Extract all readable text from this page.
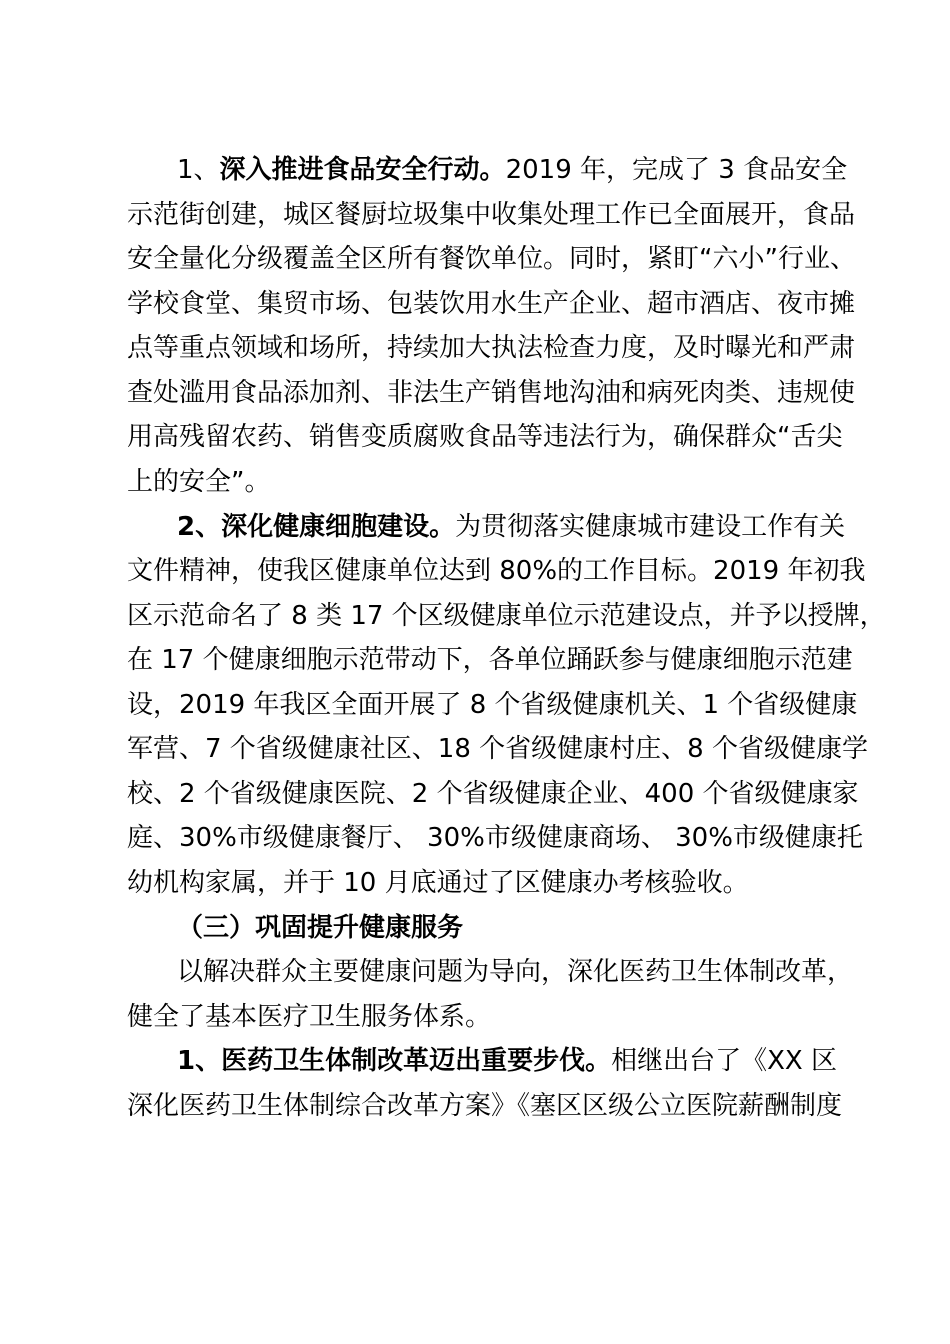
1、深入推进食品安全行动。2019 年，完成了 3 食品安全
示范街创建，城区餐厨垃圾集中收集处理工作已全面展开，食品
安全量化分级覆盖全区所有餐饮单位。同时，紧盯“六小”行业、
学校食堂、集贸市场、包装饮用水生产企业、超市酒店、夜市摊
点等重点领域和场所，持续加大执法检查力度，及时曝光和严肃
查处滥用食品添加剂、非法生产销售地沟油和病死肉类、违规使
用高残留农药、销售变质腐败食品等违法行为，确保群众“舌尖
上的安全”。
2、深化健康细胞建设。为贯彻落实健康城市建设工作有关
文件精神，使我区健康单位达到 80%的工作目标。2019 年初我
区示范命名了 8 类 17 个区级健康单位示范建设点，并予以授牌，
在 17 个健康细胞示范带动下，各单位踊跃参与健康细胞示范建
设，2019 年我区全面开展了 8 个省级健康机关、1 个省级健康
军营、7 个省级健康社区、18 个省级健康村庄、8 个省级健康学
校、2 个省级健康医院、2 个省级健康企业、400 个省级健康家
庭、30%市级健康餐厅、 30%市级健康商场、 30%市级健康托
幼机构家属，并于 10 月底通过了区健康办考核验收。
（三）巩固提升健康服务
以解决群众主要健康问题为导向，深化医药卫生体制改革，
健全了基本医疗卫生服务体系。
1、医药卫生体制改革迈出重要步伐。相继出台了《XX 区
深化医药卫生体制综合改革方案》《塞区区级公立医院薪酬制度
